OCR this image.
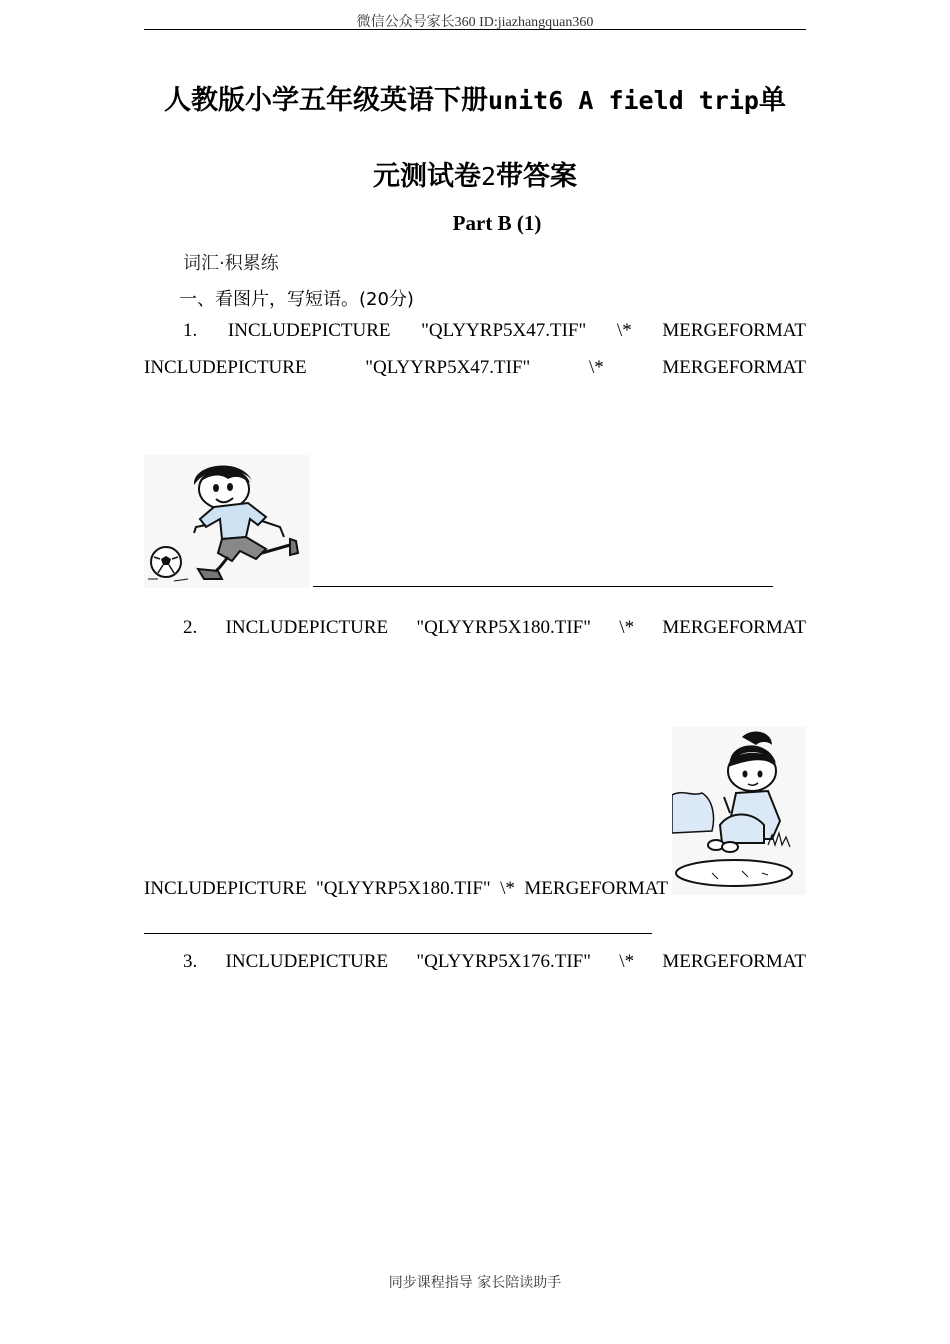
微信公众号家长360 ID:jiazhangquan360
人教版小学五年级英语下册unit6 A field trip单
元测试卷2带答案
Part B (1)
词汇·积累练
一、看图片，写短语。(20分)
1. INCLUDEPICTURE "QLYYRP5X47.TIF" \* MERGEFORMAT
INCLUDEPICTURE	"QLYYRP5X47.TIF"	\*	MERGEFORMAT
2. INCLUDEPICTURE "QLYYRP5X180.TIF" \* MERGEFORMAT
INCLUDEPICTURE  "QLYYRP5X180.TIF"  \*  MERGEFORMAT
3. INCLUDEPICTURE "QLYYRP5X176.TIF" \* MERGEFORMAT
同步课程指导 家长陪读助手
